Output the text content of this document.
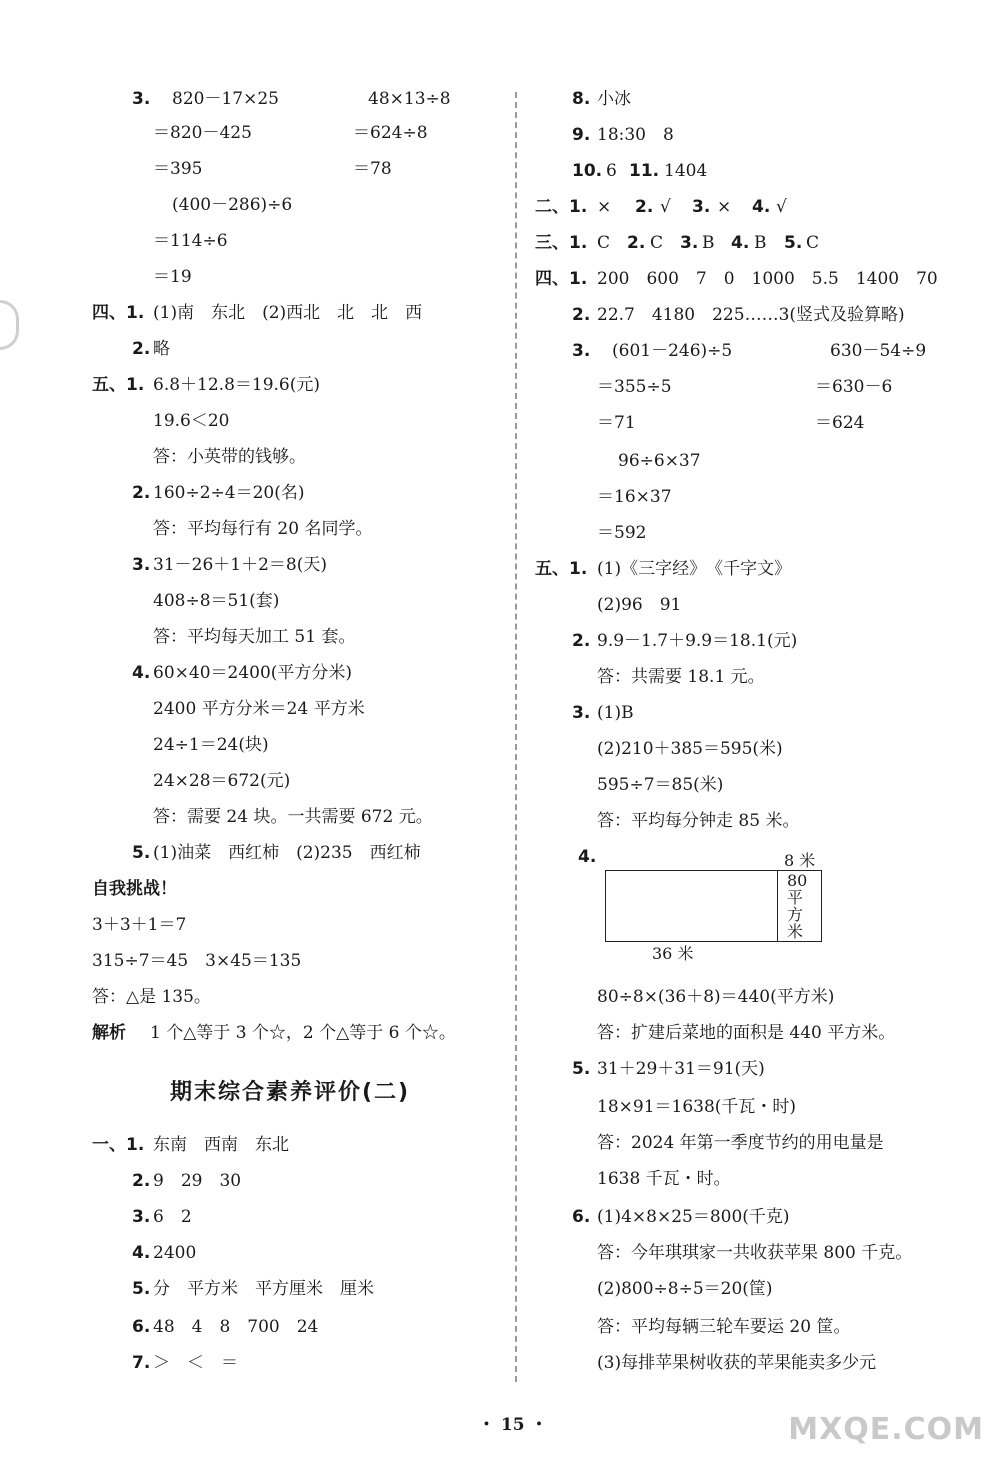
3. 820－17×25	48×13÷8
＝820－425	＝624÷8
＝395	＝78
(400－286)÷6
＝114÷6
＝19
四、1. (1)南　东北　(2)西北　北　北　西
2. 略
五、1. 6.8＋12.8＝19.6(元)
19.6＜20
答：小英带的钱够。
2. 160÷2÷4＝20(名)
答：平均每行有 20 名同学。
3. 31－26＋1＋2＝8(天)
408÷8＝51(套)
答：平均每天加工 51 套。
4. 60×40＝2400(平方分米)
2400 平方分米＝24 平方米
24÷1＝24(块)
24×28＝672(元)
答：需要 24 块。一共需要 672 元。
5. (1)油菜　西红柿　(2)235　西红柿
自我挑战！
3＋3＋1＝7
315÷7＝45　3×45＝135
答：△是 135。
解析 1 个△等于 3 个☆，2 个△等于 6 个☆。
期末综合素养评价(二)
一、1. 东南　西南　东北
2. 9　29　30
3. 6　2
4. 2400
5. 分　平方米　平方厘米　厘米
6. 48　4　8　700　24
7. ＞　＜　＝
8. 小冰
9. 18:30　8
10. 6 11. 1404
二、1. × 2. √ 3. × 4. √
三、1. C 2. C 3. B 4. B 5. C
四、1. 200　600　7　0　1000　5.5　1400　70
2. 22.7　4180　225……3(竖式及验算略)
3. (601－246)÷5	630－54÷9
＝355÷5	＝630－6
＝71	＝624
96÷6×37
＝16×37
＝592
五、1. (1)《三字经》　《千字文》
(2)96　91
2. 9.9－1.7＋9.9＝18.1(元)
答：共需要 18.1 元。
3. (1)B
(2)210＋385＝595(米)
595÷7＝85(米)
答：平均每分钟走 85 米。
4.	8 米
80
平
方
米
36 米
80÷8×(36＋8)＝440(平方米)
答：扩建后菜地的面积是 440 平方米。
5. 31＋29＋31＝91(天)
18×91＝1638(千瓦・时)
答：2024 年第一季度节约的用电量是
1638 千瓦・时。
6. (1)4×8×25＝800(千克)
答：今年琪琪家一共收获苹果 800 千克。
(2)800÷8÷5＝20(筐)
答：平均每辆三轮车要运 20 筐。
(3)每排苹果树收获的苹果能卖多少元
・ 15 ・	MXQE.COM
